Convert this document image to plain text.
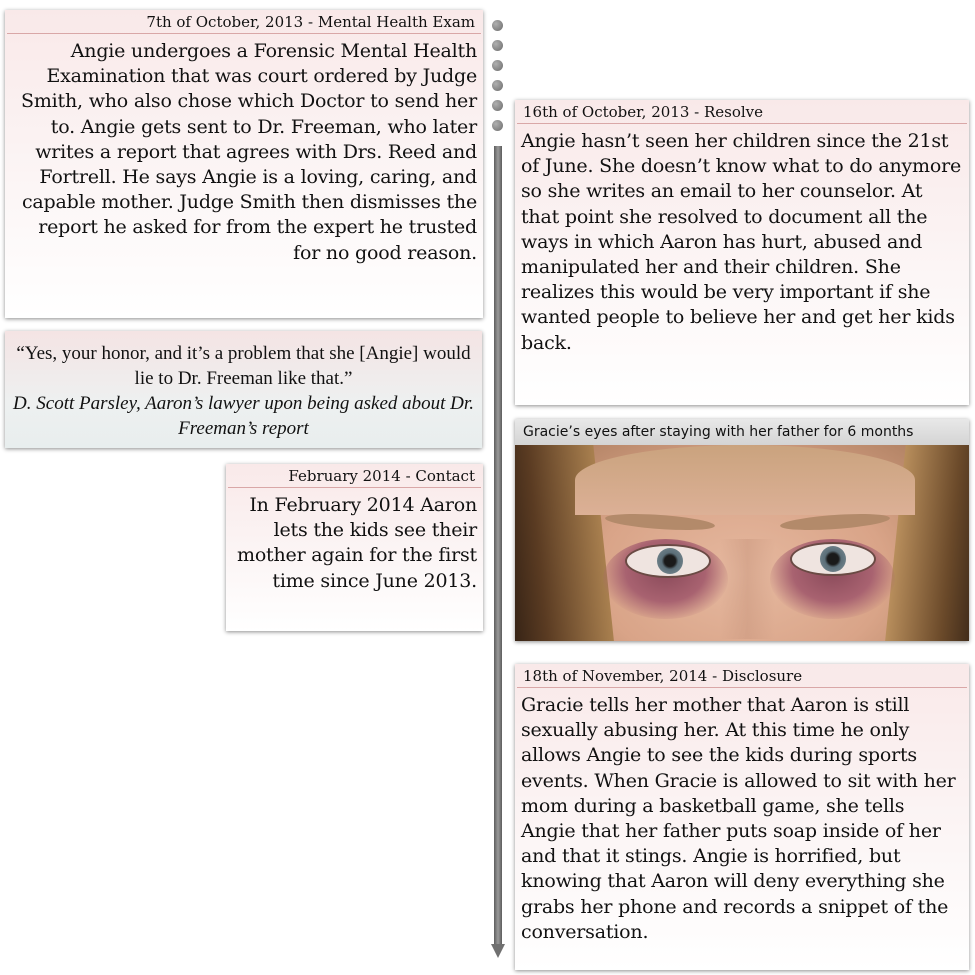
7th of October, 2013 - Mental Health Exam
Angie undergoes a Forensic Mental Health Examination that was court ordered by Judge Smith, who also chose which Doctor to send her to. Angie gets sent to Dr. Freeman, who later writes a report that agrees with Drs. Reed and Fortrell. He says Angie is a loving, caring, and capable mother. Judge Smith then dismisses the report he asked for from the expert he trusted for no good reason.
“Yes, your honor, and it’s a problem that she [Angie] would lie to Dr. Freeman like that.”
D. Scott Parsley, Aaron’s lawyer upon being asked about Dr. Freeman’s report
February 2014 - Contact
In February 2014 Aaron lets the kids see their mother again for the first time since June 2013.
16th of October, 2013 - Resolve
Angie hasn’t seen her children since the 21st of June. She doesn’t know what to do anymore so she writes an email to her counselor. At that point she resolved to document all the ways in which Aaron has hurt, abused and manipulated her and their children. She realizes this would be very important if she wanted people to believe her and get her kids back.
Gracie’s eyes after staying with her father for 6 months
18th of November, 2014 - Disclosure
Gracie tells her mother that Aaron is still sexually abusing her. At this time he only allows Angie to see the kids during sports events. When Gracie is allowed to sit with her mom during a basketball game, she tells Angie that her father puts soap inside of her and that it stings. Angie is horrified, but knowing that Aaron will deny everything she grabs her phone and records a snippet of the conversation.
